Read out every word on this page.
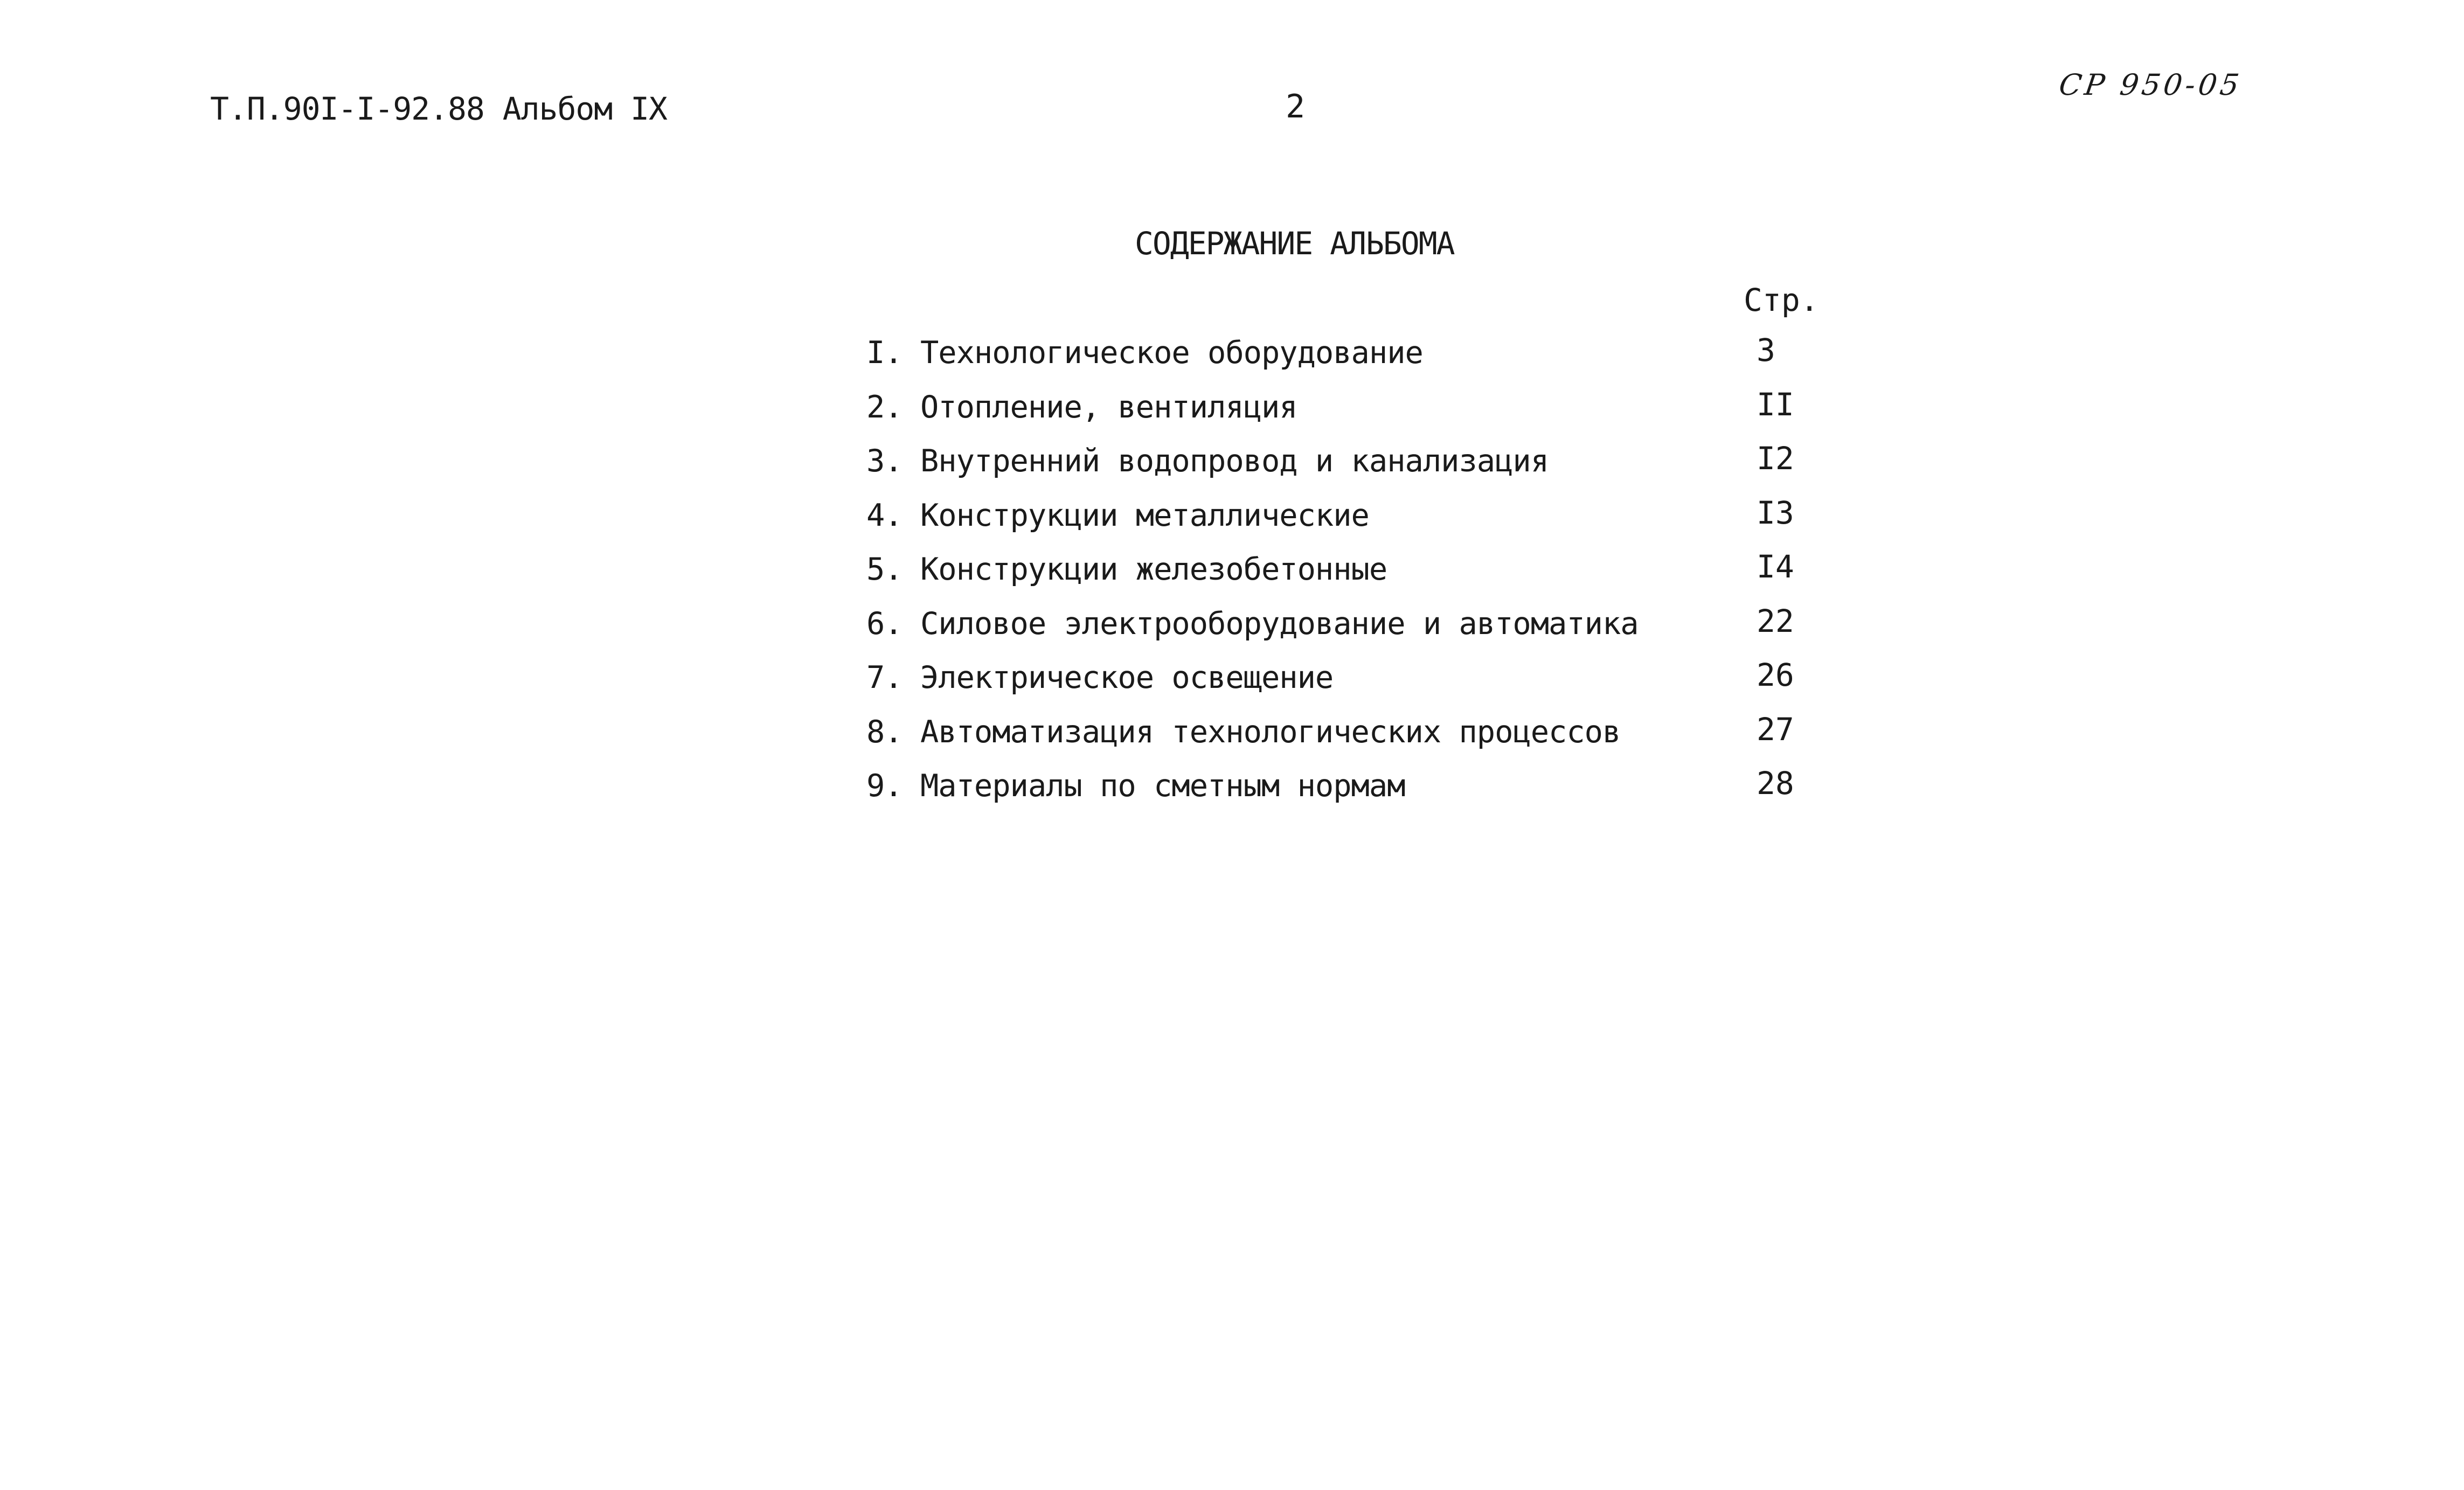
Т.П.90I-I-92.88 Альбом IX	2
СР 950-05
СОДЕРЖАНИЕ АЛЬБОМА
Стр.
I. Технологическое оборудование	3
2. Отопление, вентиляция	II
3. Внутренний водопровод и канализация	I2
4. Конструкции металлические	I3
5. Конструкции железобетонные	I4
6. Силовое электрооборудование и автоматика	22
7. Электрическое освещение	26
8. Автоматизация технологических процессов	27
9. Материалы по сметным нормам	28
